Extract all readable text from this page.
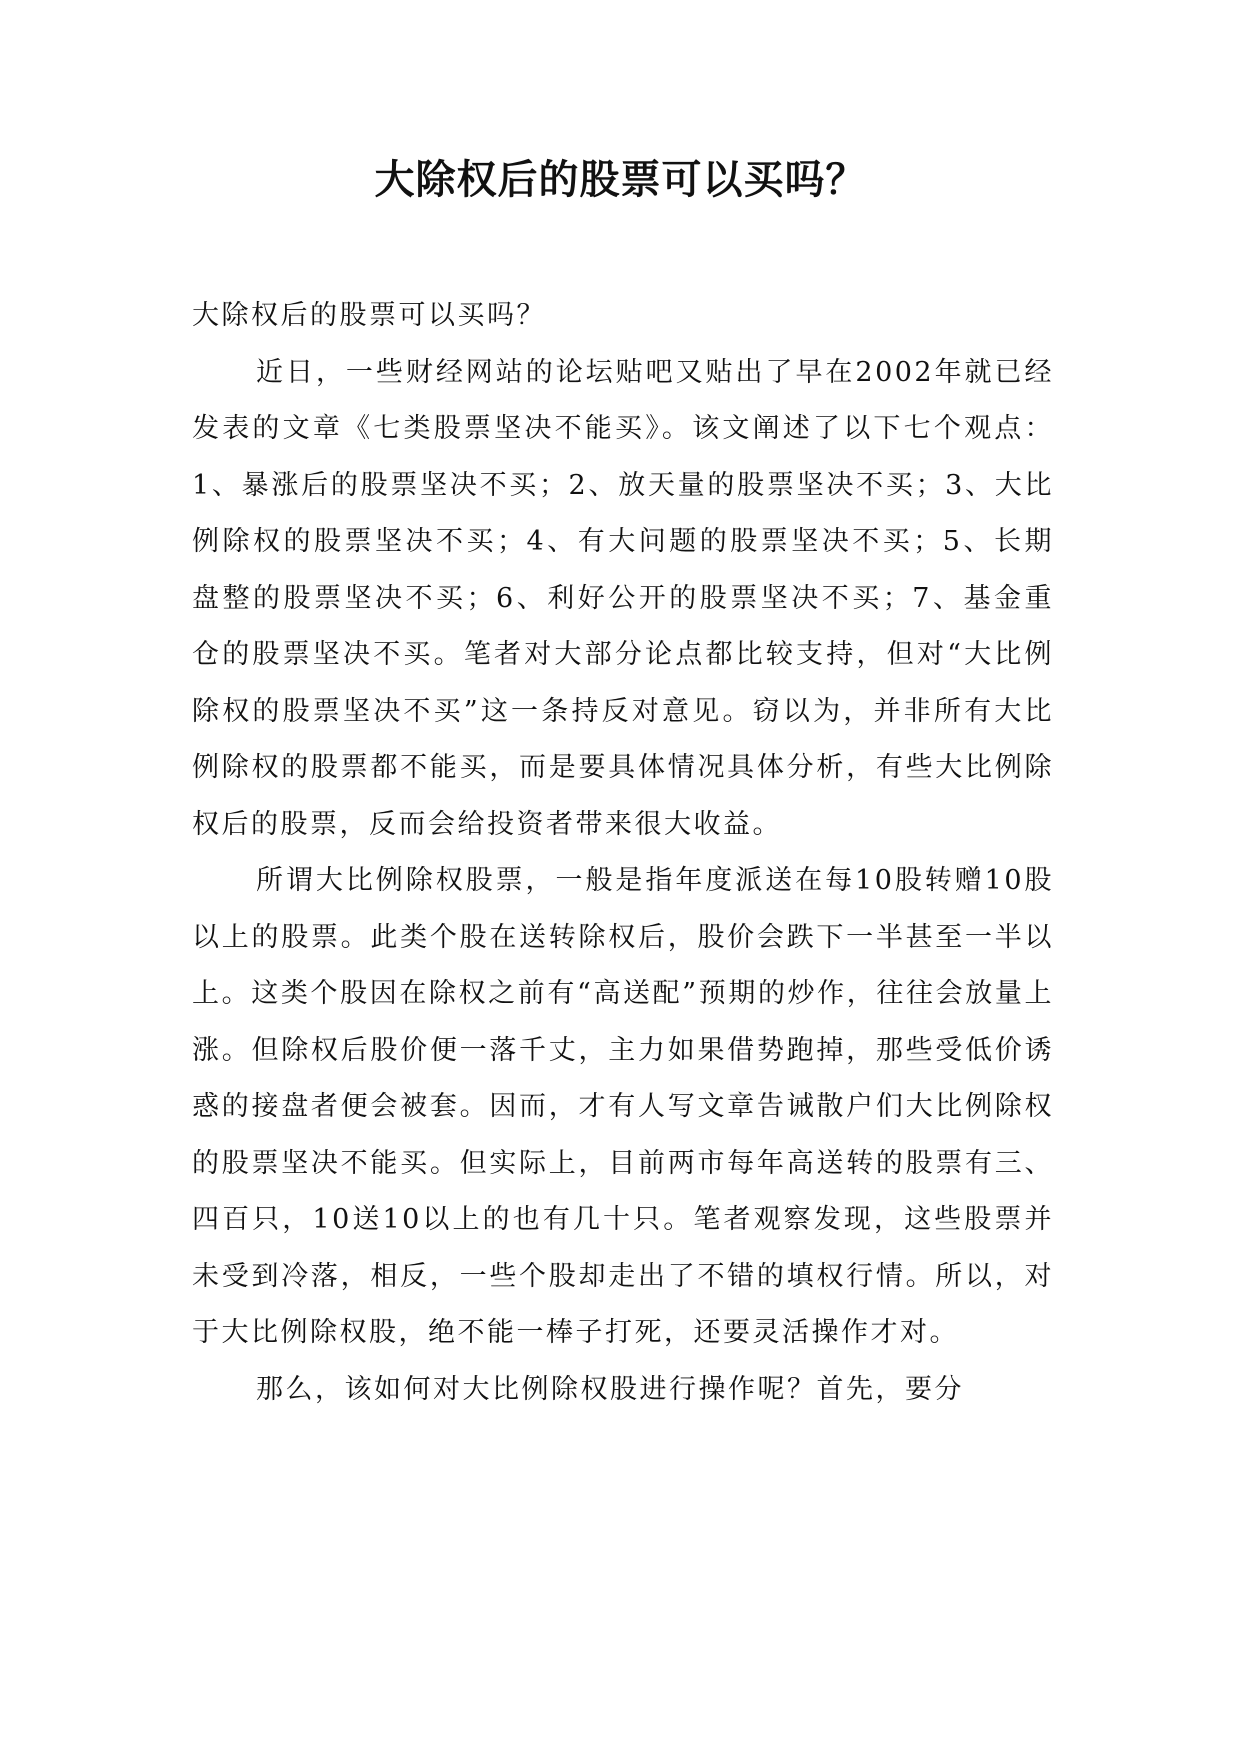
大除权后的股票可以买吗？

大除权后的股票可以买吗？

近日，一些财经网站的论坛贴吧又贴出了早在2002年就已经发表的文章《七类股票坚决不能买》。该文阐述了以下七个观点：1、暴涨后的股票坚决不买；2、放天量的股票坚决不买；3、大比例除权的股票坚决不买；4、有大问题的股票坚决不买；5、长期盘整的股票坚决不买；6、利好公开的股票坚决不买；7、基金重仓的股票坚决不买。笔者对大部分论点都比较支持，但对“大比例除权的股票坚决不买”这一条持反对意见。窃以为，并非所有大比例除权的股票都不能买，而是要具体情况具体分析，有些大比例除权后的股票，反而会给投资者带来很大收益。

所谓大比例除权股票，一般是指年度派送在每10股转赠10股以上的股票。此类个股在送转除权后，股价会跌下一半甚至一半以上。这类个股因在除权之前有“高送配”预期的炒作，往往会放量上涨。但除权后股价便一落千丈，主力如果借势跑掉，那些受低价诱惑的接盘者便会被套。因而，才有人写文章告诫散户们大比例除权的股票坚决不能买。但实际上，目前两市每年高送转的股票有三、四百只，10送10以上的也有几十只。笔者观察发现，这些股票并未受到冷落，相反，一些个股却走出了不错的填权行情。所以，对于大比例除权股，绝不能一棒子打死，还要灵活操作才对。

那么，该如何对大比例除权股进行操作呢？首先，要分
